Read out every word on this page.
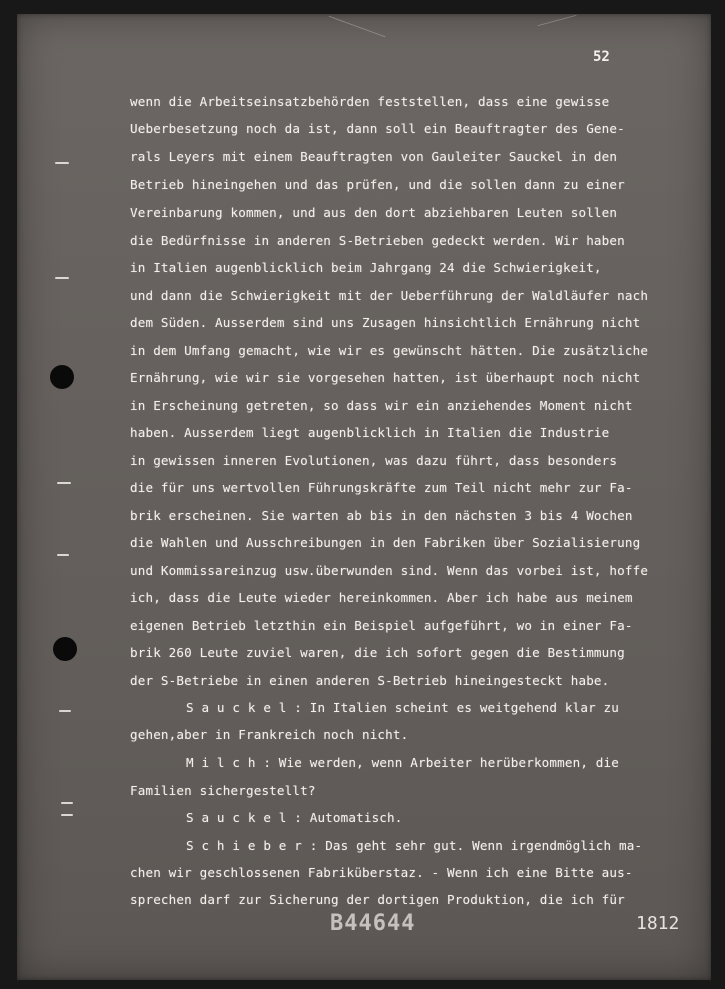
52
wenn die Arbeitseinsatzbehörden feststellen, dass eine gewisse
Ueberbesetzung noch da ist, dann soll ein Beauftragter des Gene-
rals Leyers mit einem Beauftragten von Gauleiter Sauckel in den
Betrieb hineingehen und das prüfen, und die sollen dann zu einer
Vereinbarung kommen, und aus den dort abziehbaren Leuten sollen
die Bedürfnisse in anderen S-Betrieben gedeckt werden. Wir haben
in Italien augenblicklich beim Jahrgang 24 die Schwierigkeit,
und dann die Schwierigkeit mit der Ueberführung der Waldläufer nach
dem Süden. Ausserdem sind uns Zusagen hinsichtlich Ernährung nicht
in dem Umfang gemacht, wie wir es gewünscht hätten. Die zusätzliche
Ernährung, wie wir sie vorgesehen hatten, ist überhaupt noch nicht
in Erscheinung getreten, so dass wir ein anziehendes Moment nicht
haben. Ausserdem liegt augenblicklich in Italien die Industrie
in gewissen inneren Evolutionen, was dazu führt, dass besonders
die für uns wertvollen Führungskräfte zum Teil nicht mehr zur Fa-
brik erscheinen. Sie warten ab bis in den nächsten 3 bis 4 Wochen
die Wahlen und Ausschreibungen in den Fabriken über Sozialisierung
und Kommissareinzug usw.überwunden sind. Wenn das vorbei ist, hoffe
ich, dass die Leute wieder hereinkommen. Aber ich habe aus meinem
eigenen Betrieb letzthin ein Beispiel aufgeführt, wo in einer Fa-
brik 260 Leute zuviel waren, die ich sofort gegen die Bestimmung
der S-Betriebe in einen anderen S-Betrieb hineingesteckt habe.
S a u c k e l : In Italien scheint es weitgehend klar zu
gehen,aber in Frankreich noch nicht.
M i l c h : Wie werden, wenn Arbeiter herüberkommen, die
Familien sichergestellt?
S a u c k e l : Automatisch.
S c h i e b e r : Das geht sehr gut. Wenn irgendmöglich ma-
chen wir geschlossenen Fabriküberstaz. - Wenn ich eine Bitte aus-
sprechen darf zur Sicherung der dortigen Produktion, die ich für
B44644	1812
